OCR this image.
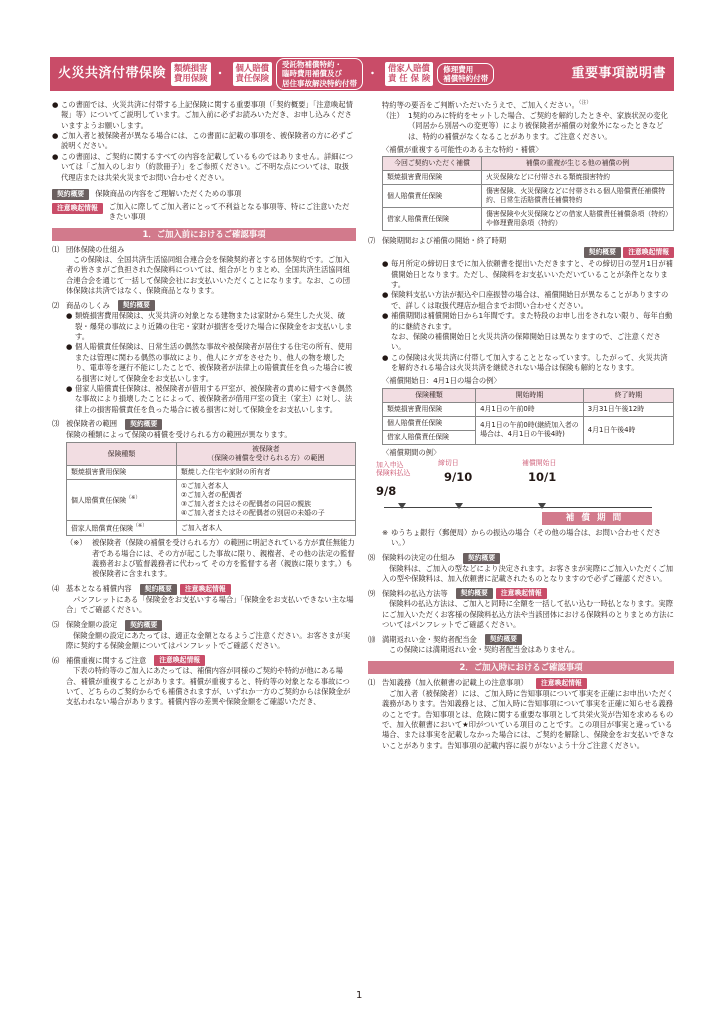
火災共済付帯保険 類焼損害
費用保険 ・ 個人賠償
責任保険
受託物補償特約・
臨時費用補償及び
居住事故解決特約付帯
・ 借家人賠償
責 任 保 険
修理費用
補償特約付帯	重要事項説明書
● この書面では、火災共済に付帯する上記保険に関する重要事項（「契約概要」「注意喚起情報」等）についてご説明しています。ご加入前に必ずお読みいただき、お申し込みくださいますようお願いします。
● ご加入者と被保険者が異なる場合には、この書面に記載の事項を、被保険者の方に必ずご説明ください。
● この書面は、ご契約に関するすべての内容を記載しているものではありません。詳細については「ご加入のしおり（約款冊子）」をご参照ください。ご不明な点については、取扱代理店または共栄火災までお問い合わせください。
契約概要	保険商品の内容をご理解いただくための事項
注意喚起情報	ご加入に際してご加入者にとって不利益となる事項等、特にご注意いただきたい事項
1．ご加入前におけるご確認事項
⑴ 団体保険の仕組み
この保険は、全国共済生活協同組合連合会を保険契約者とする団体契約です。ご加入者の皆さまがご負担された保険料については、組合がとりまとめ、全国共済生活協同組合連合会を通じて一括して保険会社にお支払いいただくことになります。なお、この団体保険は共済ではなく、保険商品となります。
⑵ 商品のしくみ	契約概要
● 類焼損害費用保険は、火災共済の対象となる建物または家財から発生した火災、破裂・爆発の事故により近隣の住宅・家財が損害を受けた場合に保険金をお支払いします。
● 個人賠償責任保険は、日常生活の偶然な事故や被保険者が居住する住宅の所有、使用または管理に関わる偶然の事故により、他人にケガをさせたり、他人の物を壊したり、電車等を運行不能にしたことで、被保険者が法律上の賠償責任を負った場合に被る損害に対して保険金をお支払いします。
● 借家人賠償責任保険は、被保険者が借用する戸室が、被保険者の責めに帰すべき偶然な事故により損壊したことによって、被保険者が借用戸室の貸主（家主）に対し、法律上の損害賠償責任を負った場合に被る損害に対して保険金をお支払いします。
⑶ 被保険者の範囲	契約概要
保険の種類によって保険の補償を受けられる方の範囲が異なります。
保険種類	被保険者
（保険の補償を受けられる方）の範囲

類焼損害費用保険	類焼した住宅や家財の所有者
個人賠償責任保険（※）	①ご加入者本人
②ご加入者の配偶者
③ご加入者またはその配偶者の同居の親族
④ご加入者またはその配偶者の別居の未婚の子

借家人賠償責任保険（※）	ご加入者本人
（※） 被保険者（保険の補償を受けられる方）の範囲に明記されている方が責任無能力者である場合には、その方が起こした事故に限り、親権者、その他の法定の監督義務者および監督義務者に代わって その方を監督する者（親族に限ります。）も被保険者に含まれます。
⑷ 基本となる補償内容	契約概要	注意喚起情報
パンフレットにある「保険金をお支払いする場合」「保険金をお支払いできない主な場合」でご確認ください。
⑸ 保険金額の設定	契約概要
保険金額の設定にあたっては、適正な金額となるようご注意ください。お客さまが実際に契約する保険金額についてはパンフレットでご確認ください。
⑹ 補償重複に関するご注意	注意喚起情報
下表の特約等のご加入にあたっては、補償内容が同様のご契約や特約が他にある場合、補償が重複することがあります。補償が重複すると、特約等の対象となる事故について、どちらのご契約からでも補償されますが、いずれか一方のご契約からは保険金が支払われない場合があります。補償内容の差異や保険金額をご確認いただき、
特約等の要否をご判断いただいたうえで、ご加入ください。$^{(注)}$
（注） 1契約のみに特約をセットした場合、ご契約を解約したときや、家族状況の変化（同居から別居への変更等）により被保険者が補償の対象外になったときなどは、特約の補償がなくなることがあります。ご注意ください。
〈補償が重複する可能性のある主な特約・補償〉
今回ご契約いただく補償	補償の重複が生じる他の補償の例
類焼損害費用保険	火災保険などに付帯される類焼損害特約
個人賠償責任保険	傷害保険、火災保険などに付帯される個人賠償責任補償特約、日常生活賠償責任補償特約
借家人賠償責任保険	傷害保険や火災保険などの借家人賠償責任補償条項（特約）や修理費用条項（特約）
⑺ 保険期間および補償の開始・終了時期
契約概要 注意喚起情報
● 毎月所定の締切日までに加入依頼書を提出いただきますと、その締切日の翌月1日が補償開始日となります。ただし、保険料をお支払いいただいていることが条件となります。
● 保険料支払い方法が振込や口座振替の場合は、補償開始日が異なることがありますので、詳しくは取扱代理店か組合までお問い合わせください。
● 補償期間は補償開始日から1年間です。また特段のお申し出をされない限り、毎年自動的に継続されます。
なお、保険の補償開始日と火災共済の保障開始日は異なりますので、ご注意ください。
● この保険は火災共済に付帯して加入することとなっています。したがって、火災共済を解約される場合は火災共済を継続されない場合は保険も解約となります。
〈補償開始日：4月1日の場合の例〉
保険種類	開始時期	終了時期
類焼損害費用保険	4月1日の午前0時	3月31日午後12時
個人賠償責任保険	4月1日の午前0時(継続加入者の場合は、4月1日の午後4時)	4月1日午後4時
借家人賠償責任保険		
〈補償期間の例〉
加入申込
保険料払込
9/8
締切日
9/10
補償開始日
10/1
補償期間
※ ゆうちょ銀行（郵便局）からの振込の場合（その他の場合は、お問い合わせください。）
⑻ 保険料の決定の仕組み	契約概要
保険料は、ご加入の型などにより決定されます。お客さまが実際にご加入いただくご加入の型や保険料は、加入依頼書に記載されたものとなりますので必ずご確認ください。
⑼ 保険料の払込方法等	契約概要	注意喚起情報
保険料の払込方法は、ご加入と同時に全額を一括して払い込む一時払となります。実際にご加入いただくお客様の保険料払込方法や当該団体における保険料のとりまとめ方法についてはパンフレットでご確認ください。
⑽ 満期返れい金・契約者配当金	契約概要
この保険には満期返れい金・契約者配当金はありません。
2．ご加入時におけるご確認事項
⑴ 告知義務（加入依頼書の記載上の注意事項）	注意喚起情報
ご加入者（被保険者）には、ご加入時に告知事項について事実を正確にお申出いただく義務があります。告知義務とは、ご加入時に告知事項について事実を正確に知らせる義務のことです。告知事項とは、危険に関する重要な事項として共栄火災が告知を求めるもので、加入依頼書において★印がついている項目のことです。この項目が事実と違っている場合、または事実を記載しなかった場合には、ご契約を解除し、保険金をお支払いできないことがあります。告知事項の記載内容に誤りがないよう十分ご注意ください。
1
